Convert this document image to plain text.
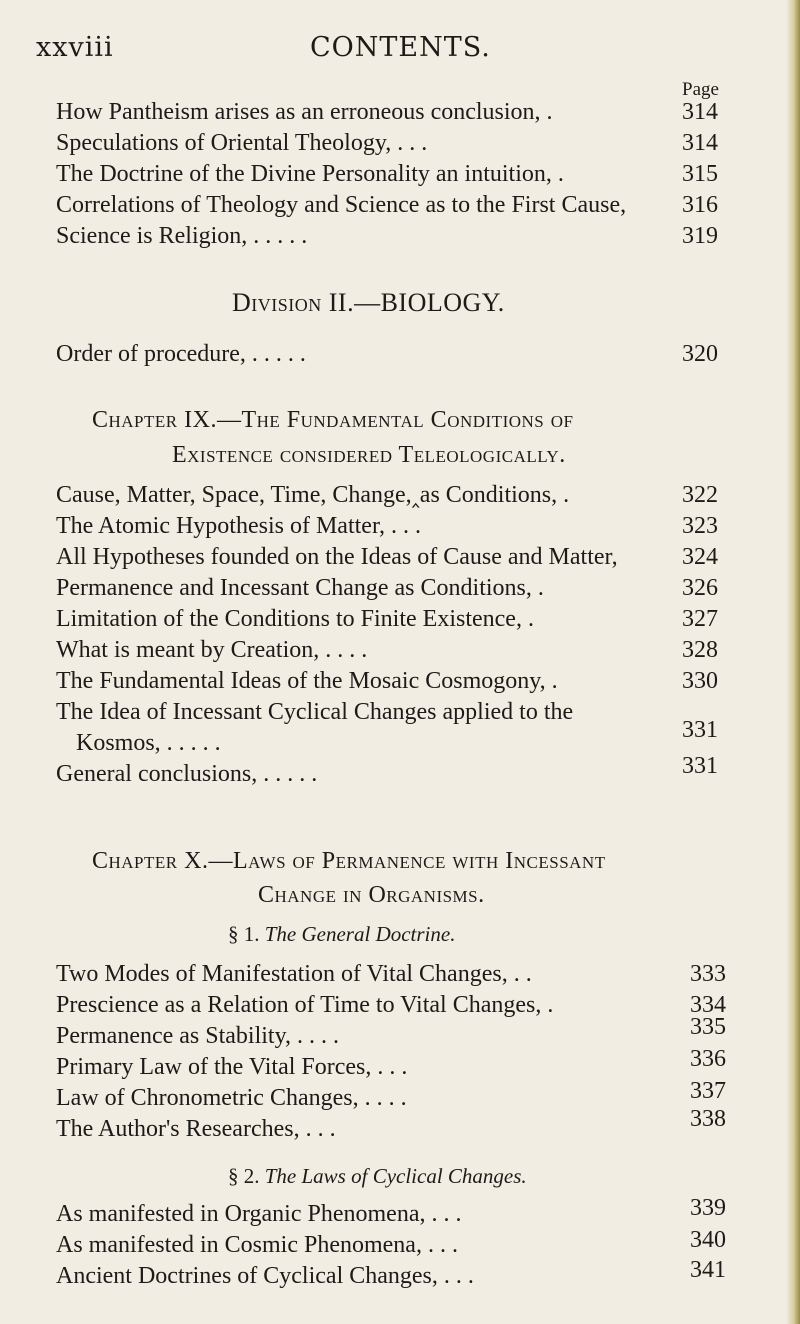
xxviii	CONTENTS.
Page
How Pantheism arises as an erroneous conclusion, .	314
Speculations of Oriental Theology, . . .	314
The Doctrine of the Divine Personality an intuition, .	315
Correlations of Theology and Science as to the First Cause, 316
Science is Religion, . . . . .	319
Division II.—BIOLOGY.
Order of procedure, . . . . .	320
Chapter IX.—The Fundamental Conditions of
Existence considered Teleologically.
Cause, Matter, Space, Time, Change,‸as Conditions, .	322
The Atomic Hypothesis of Matter, . . .	323
All Hypotheses founded on the Ideas of Cause and Matter,	324
Permanence and Incessant Change as Conditions, .	326
Limitation of the Conditions to Finite Existence, .	327
What is meant by Creation, . . . .	328
The Fundamental Ideas of the Mosaic Cosmogony, .	330
The Idea of Incessant Cyclical Changes applied to the
Kosmos, . . . . .	331
General conclusions, . . . . .	331
Chapter X.—Laws of Permanence with Incessant
Change in Organisms.
§ 1. The General Doctrine.
Two Modes of Manifestation of Vital Changes, . .	333
Prescience as a Relation of Time to Vital Changes, .	334
Permanence as Stability, . . . .	335
Primary Law of the Vital Forces, . . .	336
Law of Chronometric Changes, . . . .	337
The Author's Researches, . . .	338
§ 2. The Laws of Cyclical Changes.
As manifested in Organic Phenomena, . . .	339
As manifested in Cosmic Phenomena, . . .	340
Ancient Doctrines of Cyclical Changes, . . .	341
